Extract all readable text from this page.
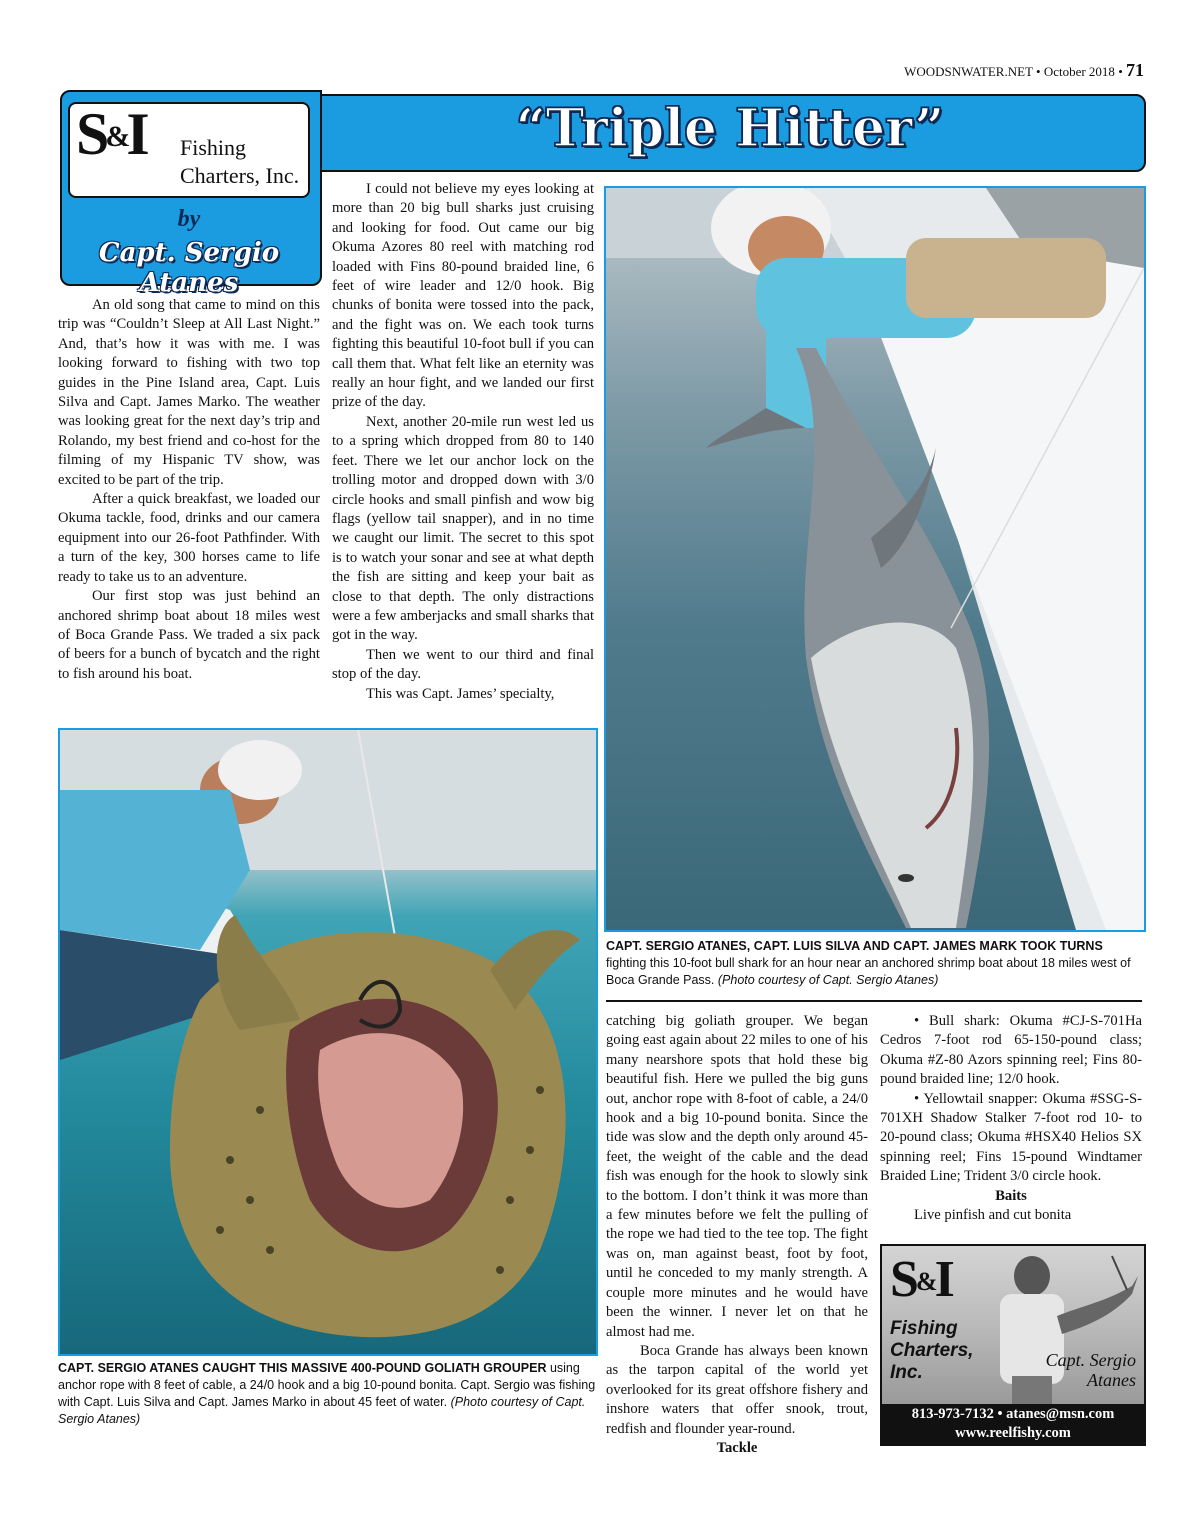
WOODSNWATER.NET • October 2018 • 71
“Triple Hitter”
S&I Fishing
Charters, Inc.
by
Capt. Sergio Atanes

An old song that came to mind on this trip was “Couldn’t Sleep at All Last Night.” And, that’s how it was with me. I was looking forward to fishing with two top guides in the Pine Island area, Capt. Luis Silva and Capt. James Marko. The weather was looking great for the next day’s trip and Rolando, my best friend and co-host for the filming of my Hispanic TV show, was excited to be part of the trip.

After a quick breakfast, we loaded our Okuma tackle, food, drinks and our camera equipment into our 26-foot Pathfinder. With a turn of the key, 300 horses came to life ready to take us to an adventure.

Our first stop was just behind an anchored shrimp boat about 18 miles west of Boca Grande Pass. We traded a six pack of beers for a bunch of bycatch and the right to fish around his boat.

I could not believe my eyes looking at more than 20 big bull sharks just cruising and looking for food. Out came our big Okuma Azores 80 reel with matching rod loaded with Fins 80-pound braided line, 6 feet of wire leader and 12/0 hook. Big chunks of bonita were tossed into the pack, and the fight was on. We each took turns fighting this beautiful 10-foot bull if you can call them that. What felt like an eternity was really an hour fight, and we landed our first prize of the day.

Next, another 20-mile run west led us to a spring which dropped from 80 to 140 feet. There we let our anchor lock on the trolling motor and dropped down with 3/0 circle hooks and small pinfish and wow big flags (yellow tail snapper), and in no time we caught our limit. The secret to this spot is to watch your sonar and see at what depth the fish are sitting and keep your bait as close to that depth. The only distractions were a few amberjacks and small sharks that got in the way.

Then we went to our third and final stop of the day.

This was Capt. James’ specialty,

CAPT. SERGIO ATANES, CAPT. LUIS SILVA AND CAPT. JAMES MARK TOOK TURNS fighting this 10-foot bull shark for an hour near an anchored shrimp boat about 18 miles west of Boca Grande Pass. (Photo courtesy of Capt. Sergio Atanes)
CAPT. SERGIO ATANES CAUGHT THIS MASSIVE 400-POUND GOLIATH GROUPER using anchor rope with 8 feet of cable, a 24/0 hook and a big 10-pound bonita. Capt. Sergio was fishing with Capt. Luis Silva and Capt. James Marko in about 45 feet of water. (Photo courtesy of Capt. Sergio Atanes)

catching big goliath grouper. We began going east again about 22 miles to one of his many nearshore spots that hold these big beautiful fish. Here we pulled the big guns out, anchor rope with 8-foot of cable, a 24/0 hook and a big 10-pound bonita. Since the tide was slow and the depth only around 45-feet, the weight of the cable and the dead fish was enough for the hook to slowly sink to the bottom. I don’t think it was more than a few minutes before we felt the pulling of the rope we had tied to the tee top. The fight was on, man against beast, foot by foot, until he conceded to my manly strength. A couple more minutes and he would have been the winner. I never let on that he almost had me.

Boca Grande has always been known as the tarpon capital of the world yet overlooked for its great offshore fishery and inshore waters that offer snook, trout, redfish and flounder year-round.

Tackle

• Bull shark: Okuma #CJ-S-701Ha Cedros 7-foot rod 65-150-pound class; Okuma #Z-80 Azors spinning reel; Fins 80-pound braided line; 12/0 hook.

• Yellowtail snapper: Okuma #SSG-S-701XH Shadow Stalker 7-foot rod 10- to 20-pound class; Okuma #HSX40 Helios SX spinning reel; Fins 15-pound Windtamer Braided Line; Trident 3/0 circle hook.

Baits

Live pinfish and cut bonita

S&I
Fishing
Charters, Inc.
Capt. Sergio
Atanes
813-973-7132 • atanes@msn.com
www.reelfishy.com
